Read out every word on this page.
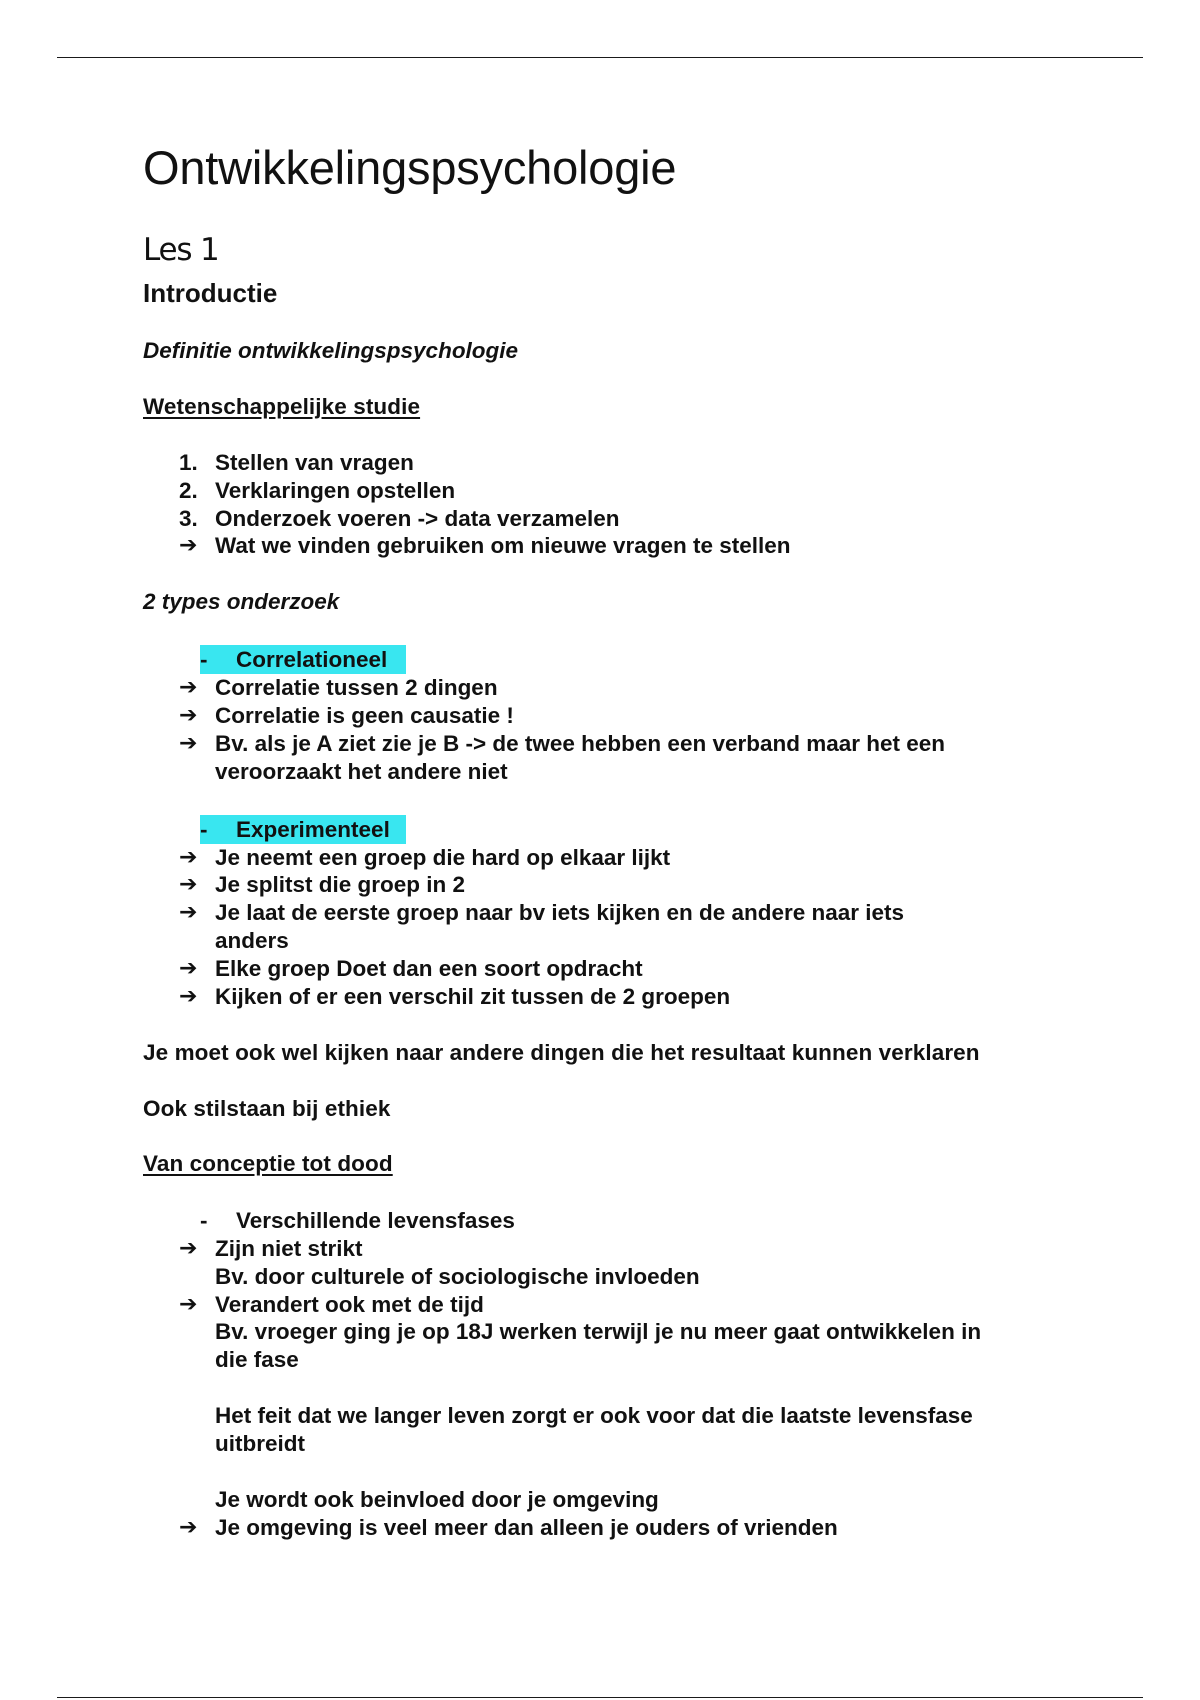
Ontwikkelingspsychologie
Les 1
Introductie
Definitie ontwikkelingspsychologie
Wetenschappelijke studie
1. Stellen van vragen
2. Verklaringen opstellen
3. Onderzoek voeren -> data verzamelen
➔ Wat we vinden gebruiken om nieuwe vragen te stellen
2 types onderzoek
- Correlationeel
➔ Correlatie tussen 2 dingen
➔ Correlatie is geen causatie !
➔ Bv. als je A ziet zie je B -> de twee hebben een verband maar het een
veroorzaakt het andere niet
- Experimenteel
➔ Je neemt een groep die hard op elkaar lijkt
➔ Je splitst die groep in 2
➔ Je laat de eerste groep naar bv iets kijken en de andere naar iets
anders
➔ Elke groep Doet dan een soort opdracht
➔ Kijken of er een verschil zit tussen de 2 groepen
Je moet ook wel kijken naar andere dingen die het resultaat kunnen verklaren
Ook stilstaan bij ethiek
Van conceptie tot dood
- Verschillende levensfases
➔ Zijn niet strikt
Bv. door culturele of sociologische invloeden
➔ Verandert ook met de tijd
Bv. vroeger ging je op 18J werken terwijl je nu meer gaat ontwikkelen in
die fase
Het feit dat we langer leven zorgt er ook voor dat die laatste levensfase
uitbreidt
Je wordt ook beinvloed door je omgeving
➔ Je omgeving is veel meer dan alleen je ouders of vrienden
